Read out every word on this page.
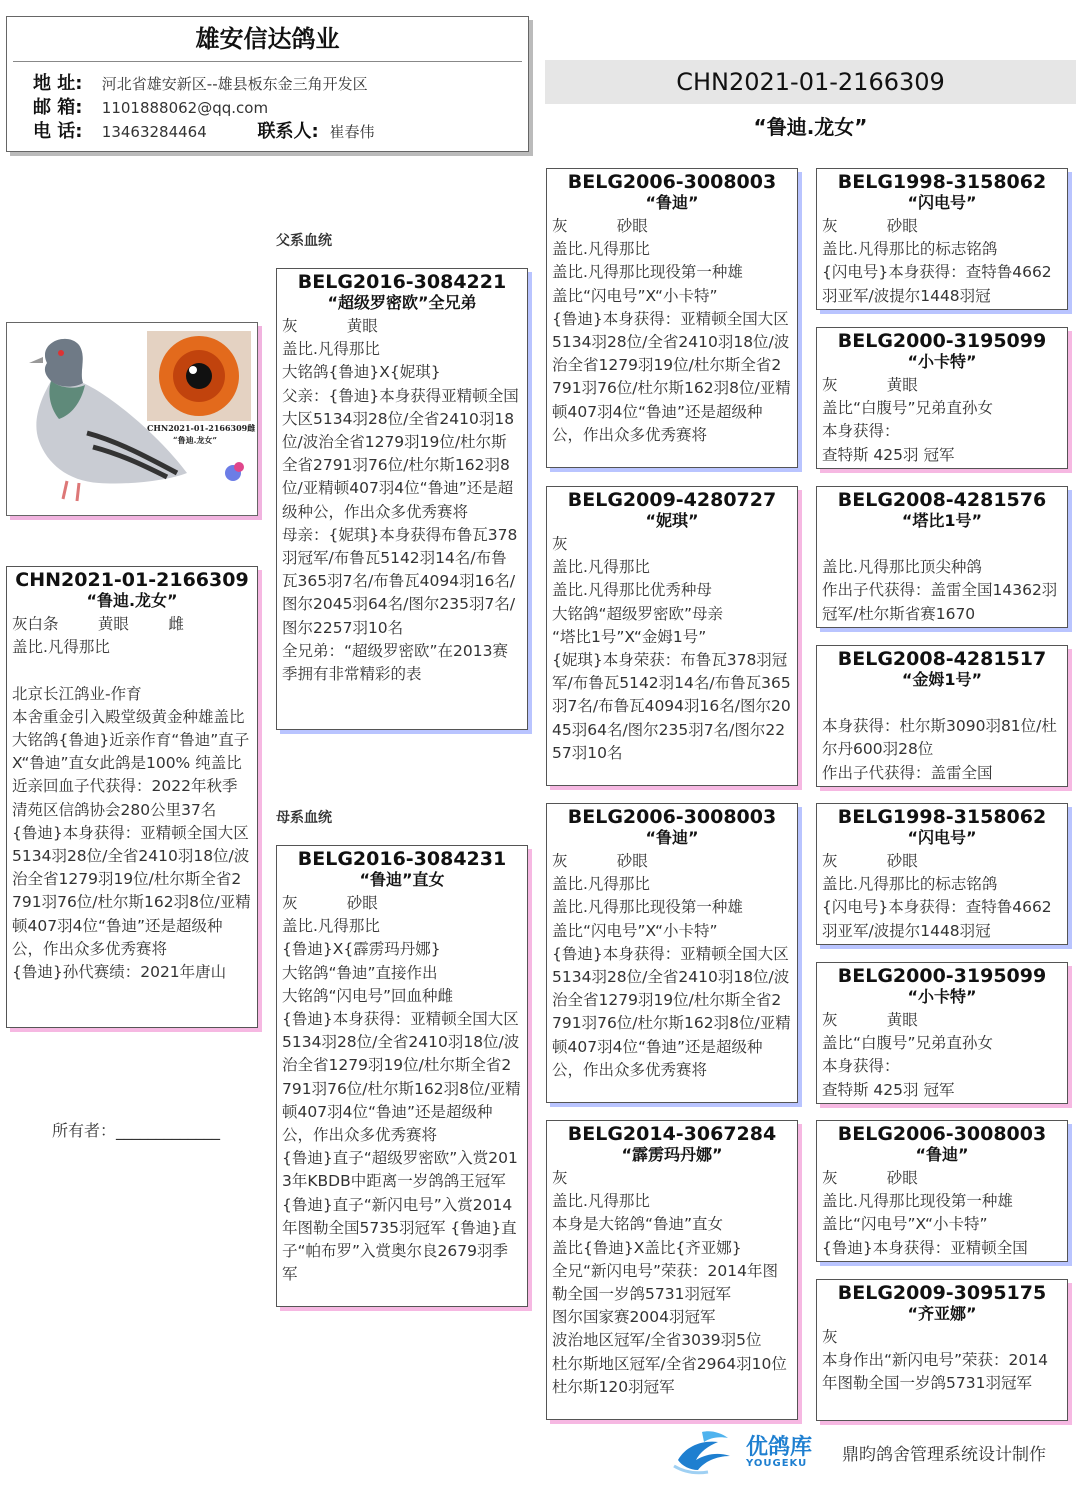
雄安信达鸽业
地 址: 河北省雄安新区--雄县板东金三角开发区
邮 箱: 1101888062@qq.com
电 话: 13463284464	联系人: 崔春伟
CHN2021-01-2166309
“鲁迪.龙女”
父系血统
母系血统
CHN2021-01-2166309雌
“鲁迪.龙女”
CHN2021-01-2166309
“鲁迪.龙女”
灰白条        黄眼        雌
盖比.凡得那比

北京长江鸽业-作育
本舍重金引入殿堂级黄金种雄盖比大铭鸽{鲁迪}近亲作育“鲁迪”直子X“鲁迪”直女此鸽是100% 纯盖比近亲回血子代获得：2022年秋季清苑区信鸽协会280公里37名
{鲁迪}本身获得：亚精顿全国大区5134羽28位/全省2410羽18位/波治全省1279羽19位/杜尔斯全省2791羽76位/杜尔斯162羽8位/亚精顿407羽4位“鲁迪”还是超级种公，作出众多优秀赛将
{鲁迪}孙代赛绩：2021年唐山
BELG2016-3084221
“超级罗密欧”全兄弟
灰          黄眼
盖比.凡得那比
大铭鸽{鲁迪}X{妮琪}
父亲：{鲁迪}本身获得亚精顿全国大区5134羽28位/全省2410羽18位/波治全省1279羽19位/杜尔斯全省2791羽76位/杜尔斯162羽8位/亚精顿407羽4位“鲁迪”还是超级种公，作出众多优秀赛将
母亲：{妮琪}本身获得布鲁瓦378羽冠军/布鲁瓦5142羽14名/布鲁瓦365羽7名/布鲁瓦4094羽16名/图尔2045羽64名/图尔235羽7名/图尔2257羽10名
全兄弟：“超级罗密欧”在2013赛季拥有非常精彩的表
BELG2016-3084231
“鲁迪”直女
灰          砂眼
盖比.凡得那比
{鲁迪}X{霹雳玛丹娜}
大铭鸽“鲁迪”直接作出
大铭鸽“闪电号”回血种雌
{鲁迪}本身获得：亚精顿全国大区5134羽28位/全省2410羽18位/波治全省1279羽19位/杜尔斯全省2791羽76位/杜尔斯162羽8位/亚精顿407羽4位“鲁迪”还是超级种公，作出众多优秀赛将
{鲁迪}直子“超级罗密欧”入赏2013年KBDB中距离一岁鸽鸽王冠军 {鲁迪}直子“新闪电号”入赏2014年图勒全国5735羽冠军 {鲁迪}直子“帕布罗”入赏奥尔良2679羽季军
BELG2006-3008003
“鲁迪”
灰          砂眼
盖比.凡得那比
盖比.凡得那比现役第一种雄
盖比“闪电号”X“小卡特”
{鲁迪}本身获得：亚精顿全国大区5134羽28位/全省2410羽18位/波治全省1279羽19位/杜尔斯全省2791羽76位/杜尔斯162羽8位/亚精顿407羽4位“鲁迪”还是超级种公，作出众多优秀赛将
BELG2009-4280727
“妮琪”
灰
盖比.凡得那比
盖比.凡得那比优秀种母
大铭鸽“超级罗密欧”母亲
“塔比1号”X“金姆1号”
{妮琪}本身荣获：布鲁瓦378羽冠军/布鲁瓦5142羽14名/布鲁瓦365羽7名/布鲁瓦4094羽16名/图尔2045羽64名/图尔235羽7名/图尔2257羽10名
BELG2006-3008003
“鲁迪”
灰          砂眼
盖比.凡得那比
盖比.凡得那比现役第一种雄
盖比“闪电号”X“小卡特”
{鲁迪}本身获得：亚精顿全国大区5134羽28位/全省2410羽18位/波治全省1279羽19位/杜尔斯全省2791羽76位/杜尔斯162羽8位/亚精顿407羽4位“鲁迪”还是超级种公，作出众多优秀赛将
BELG2014-3067284
“霹雳玛丹娜”
灰
盖比.凡得那比
本身是大铭鸽“鲁迪”直女
盖比{鲁迪}X盖比{齐亚娜}
全兄“新闪电号”荣获：2014年图勒全国一岁鸽5731羽冠军
图尔国家赛2004羽冠军
波治地区冠军/全省3039羽5位
杜尔斯地区冠军/全省2964羽10位
杜尔斯120羽冠军
BELG1998-3158062
“闪电号”
灰          砂眼
盖比.凡得那比的标志铭鸽
{闪电号}本身获得：查特鲁4662羽亚军/波提尔1448羽冠
BELG2000-3195099
“小卡特”
灰          黄眼
盖比“白腹号”兄弟直孙女
本身获得：
查特斯 425羽 冠军
BELG2008-4281576
“塔比1号”

盖比.凡得那比顶尖种鸽
作出子代获得：盖雷全国14362羽冠军/杜尔斯省赛1670
BELG2008-4281517
“金姆1号”

本身获得：杜尔斯3090羽81位/杜尔丹600羽28位
作出子代获得：盖雷全国
BELG1998-3158062
“闪电号”
灰          砂眼
盖比.凡得那比的标志铭鸽
{闪电号}本身获得：查特鲁4662羽亚军/波提尔1448羽冠
BELG2000-3195099
“小卡特”
灰          黄眼
盖比“白腹号”兄弟直孙女
本身获得：
查特斯 425羽 冠军
BELG2006-3008003
“鲁迪”
灰          砂眼
盖比.凡得那比现役第一种雄
盖比“闪电号”X“小卡特”
{鲁迪}本身获得：亚精顿全国
BELG2009-3095175
“齐亚娜”
灰
本身作出“新闪电号”荣获：2014年图勒全国一岁鸽5731羽冠军
所有者：_____________
优鸽库
YOUGEKU 鼎昀鸽舍管理系统设计制作
